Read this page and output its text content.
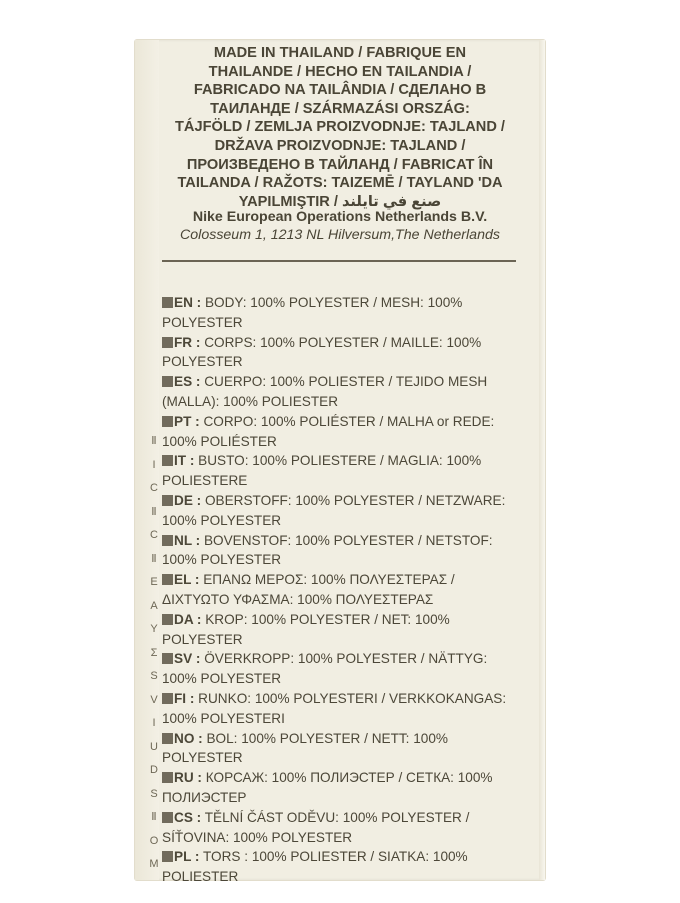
MADE IN THAILAND / FABRIQUE EN
THAILANDE / HECHO EN TAILANDIA /
FABRICADO NA TAILÂNDIA / СДЕЛАНО В
ТАИЛАНДЕ / SZÁRMAZÁSI ORSZÁG:
TÁJFÖLD / ZEMLJA PROIZVODNJE: TAJLAND /
DRŽAVA PROIZVODNJE: TAJLAND /
ПРОИЗВЕДЕНО В ТАЙЛАНД / FABRICAT ÎN
TAILANDA / RAŽOTS: TAIZEMĒ / TAYLAND 'DA
YAPILMIŞTIR / صنع في تايلند
Nike European Operations Netherlands B.V.
Colosseum 1, 1213 NL Hilversum,The Netherlands
EN : BODY: 100% POLYESTER / MESH: 100%
POLYESTER
FR : CORPS: 100% POLYESTER / MAILLE: 100%
POLYESTER
ES : CUERPO: 100% POLIESTER / TEJIDO MESH
(MALLA): 100% POLIESTER
PT : CORPO: 100% POLIÉSTER / MALHA or REDE:
100% POLIÉSTER
IT : BUSTO: 100% POLIESTERE / MAGLIA: 100%
POLIESTERE
DE : OBERSTOFF: 100% POLYESTER / NETZWARE:
100% POLYESTER
NL : BOVENSTOF: 100% POLYESTER / NETSTOF:
100% POLYESTER
EL : ΕΠΑΝΩ ΜΕΡΟΣ: 100% ΠΟΛΥΕΣΤΕΡΑΣ /
ΔΙΧΤΥΩΤΟ ΥΦΑΣΜΑ: 100% ΠΟΛΥΕΣΤΕΡΑΣ
DA : KROP: 100% POLYESTER / NET: 100%
POLYESTER
SV : ÖVERKROPP: 100% POLYESTER / NÄTTYG:
100% POLYESTER
FI : RUNKO: 100% POLYESTERI / VERKKOKANGAS:
100% POLYESTERI
NO : BOL: 100% POLYESTER / NETT: 100%
POLYESTER
RU : КОРСАЖ: 100% ПОЛИЭСТЕР / СЕТКА: 100%
ПОЛИЭСТЕР
CS : TĚLNÍ ČÁST ODĚVU: 100% POLYESTER /
SÍŤOVINA: 100% POLYESTER
PL : TORS : 100% POLIESTER / SIATKA: 100%
POLIESTER
Ⅱ
I
C
Ⅱ
C
Ⅱ
E
A
Y
Σ
S
V
I
U
D
S
Ⅱ
O
M
